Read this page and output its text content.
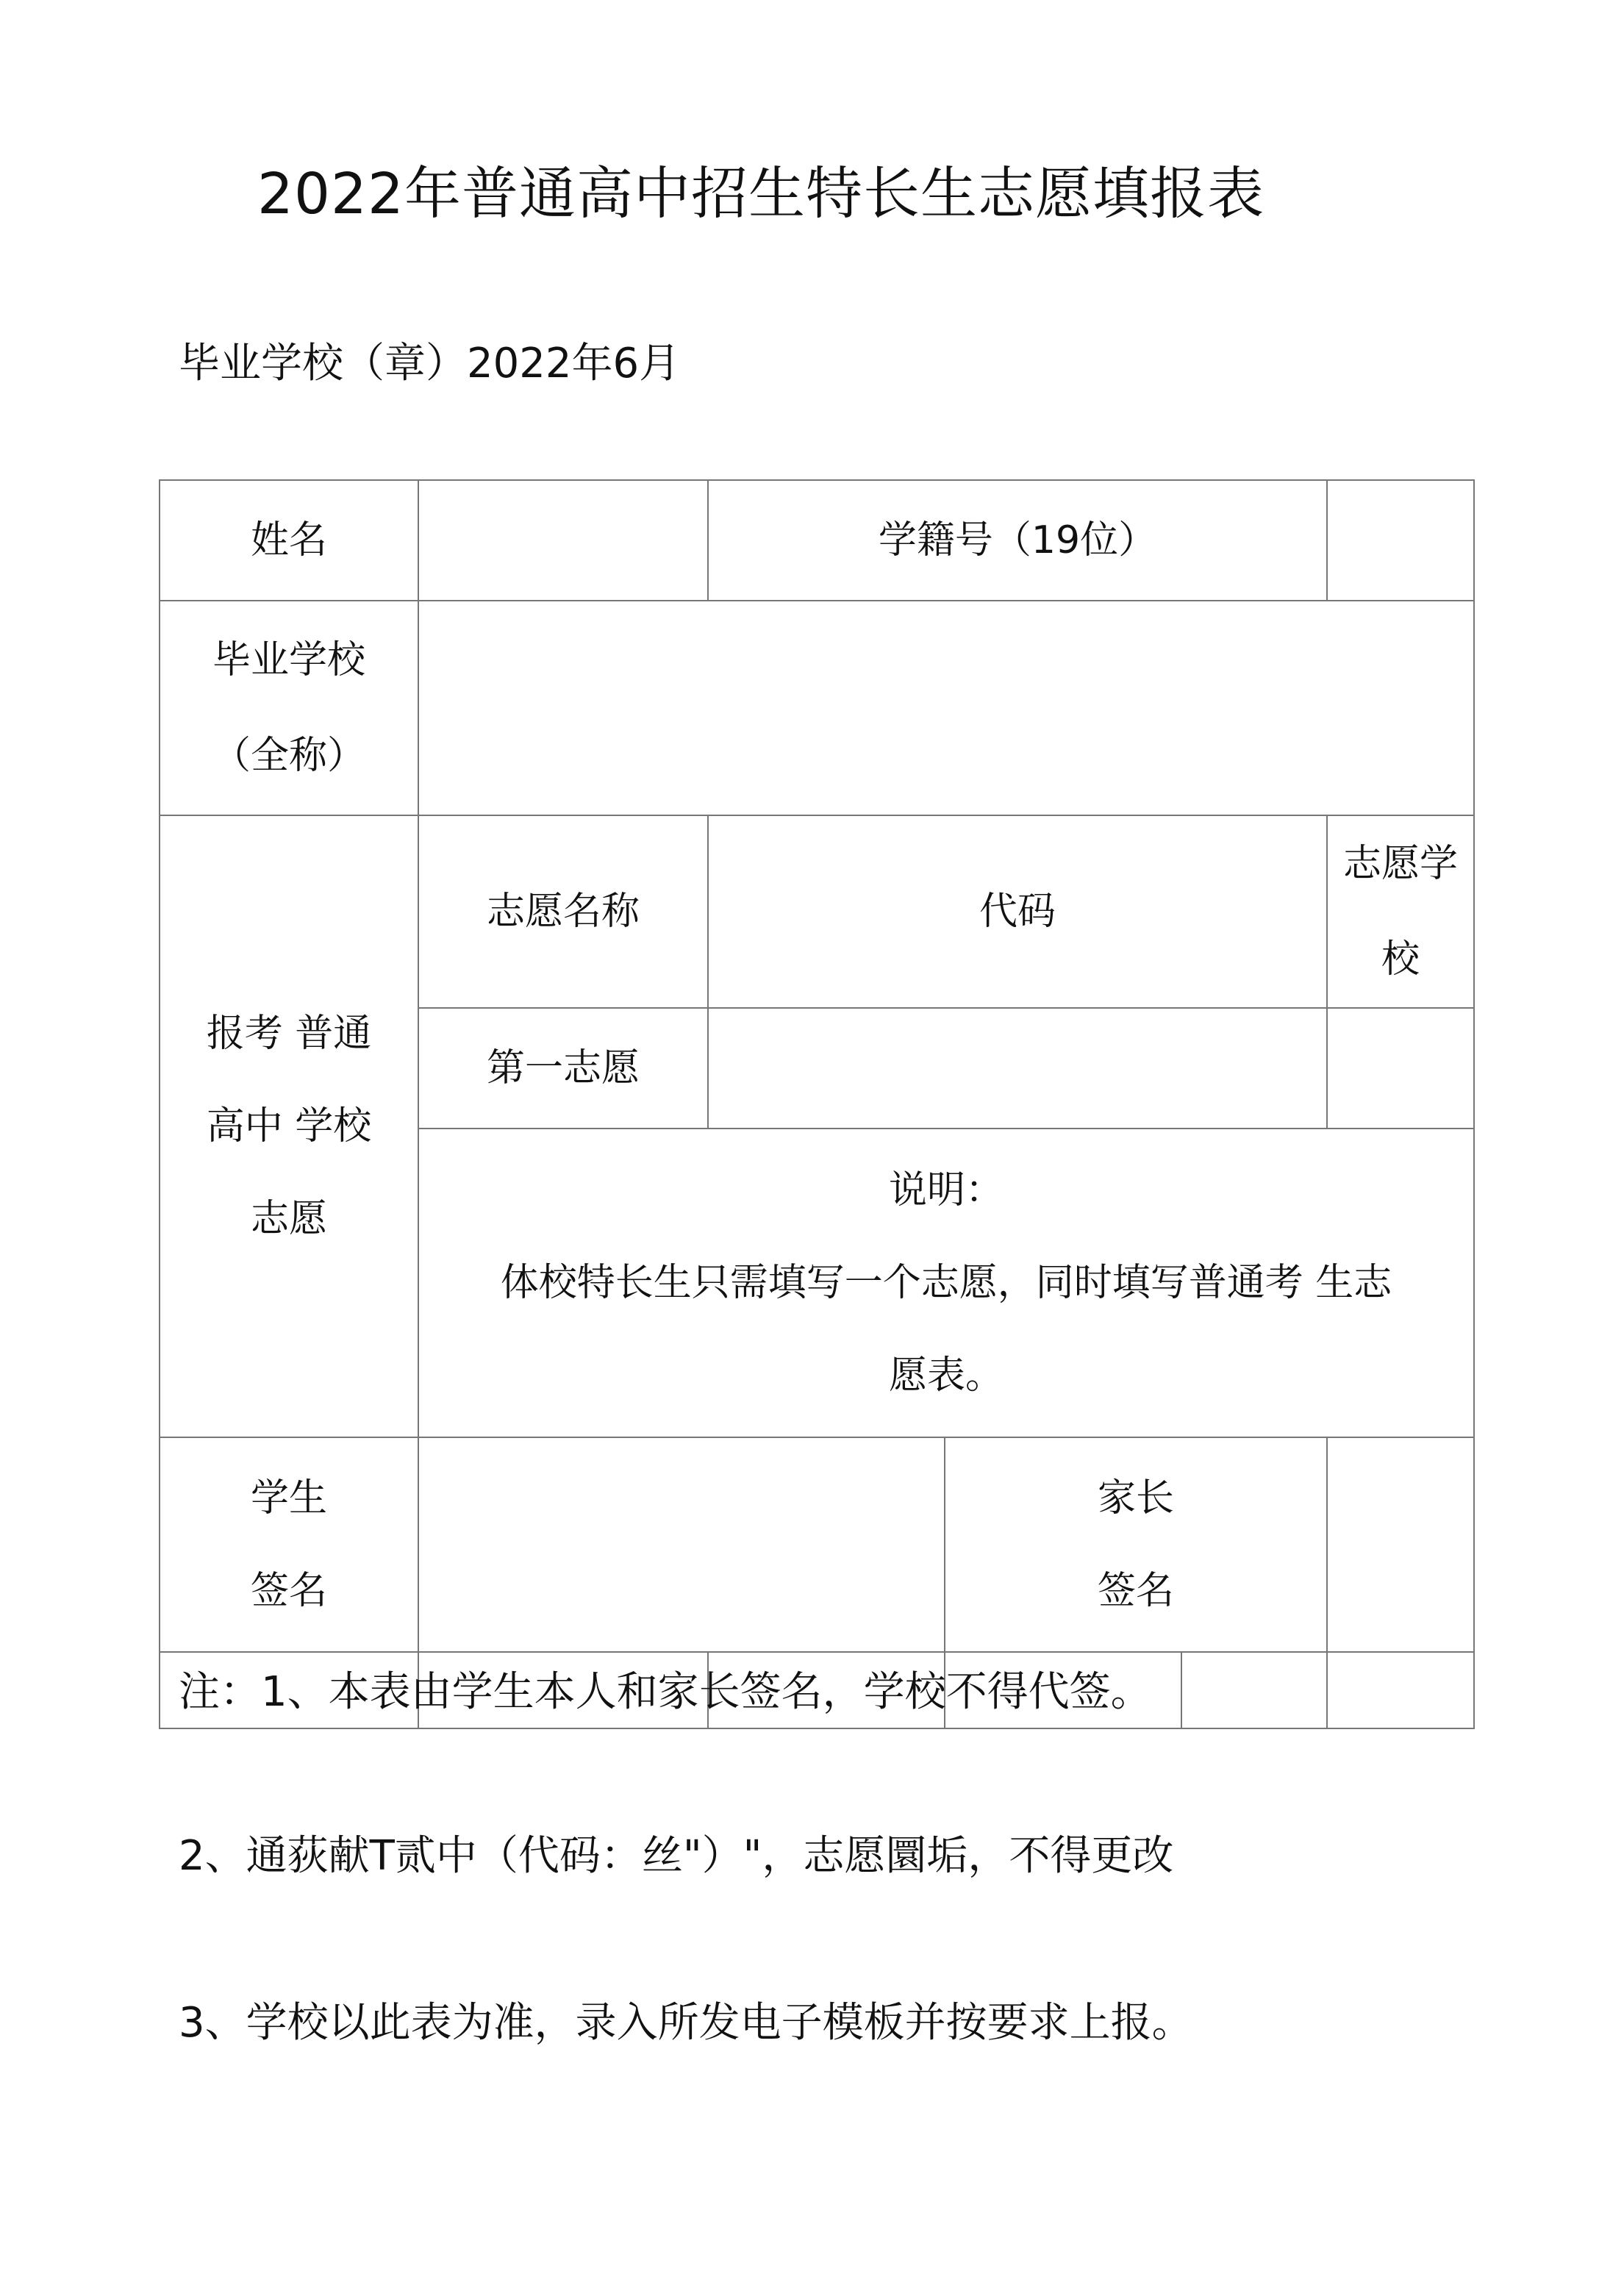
2022年普通高中招生特长生志愿填报表
毕业学校（章）2022年6月
姓名		学籍号（19位）			

毕业学校
（全称）					

报考 普通
高中 学校
志愿	志愿名称	代码			志愿学校
	第一志愿				

	说明：
体校特长生只需填写一个志愿，同时填写普通考 生志
愿表。				

学生
签名			家长
签名		

注：1、本表由学生本人和家长签名，学校不得代签。
2、通荻献T贰中（代码：丝"）"，志愿圜垢，不得更改
3、学校以此表为准，录入所发电子模板并按要求上报。
